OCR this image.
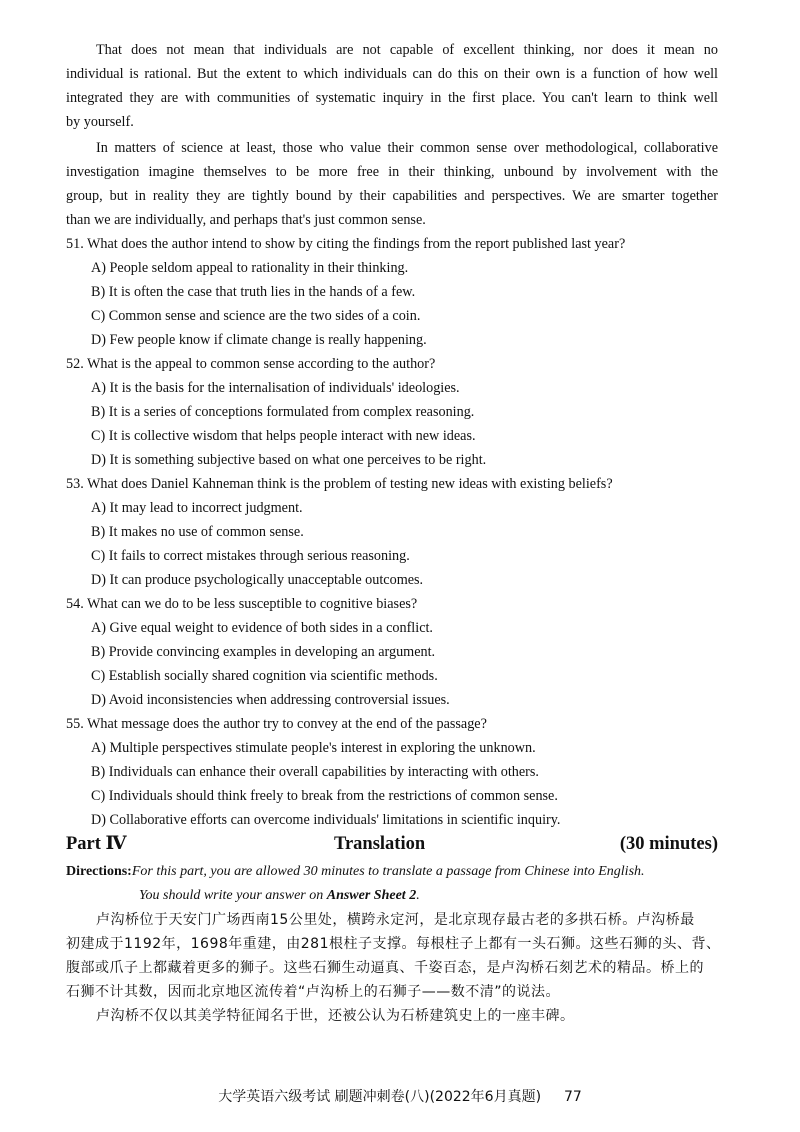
That does not mean that individuals are not capable of excellent thinking, nor does it mean no
individual is rational. But the extent to which individuals can do this on their own is a function of how well
integrated they are with communities of systematic inquiry in the first place. You can't learn to think well
by yourself.
In matters of science at least, those who value their common sense over methodological, collaborative
investigation imagine themselves to be more free in their thinking, unbound by involvement with the
group, but in reality they are tightly bound by their capabilities and perspectives. We are smarter together
than we are individually, and perhaps that's just common sense.
51. What does the author intend to show by citing the findings from the report published last year?
A) People seldom appeal to rationality in their thinking.
B) It is often the case that truth lies in the hands of a few.
C) Common sense and science are the two sides of a coin.
D) Few people know if climate change is really happening.
52. What is the appeal to common sense according to the author?
A) It is the basis for the internalisation of individuals' ideologies.
B) It is a series of conceptions formulated from complex reasoning.
C) It is collective wisdom that helps people interact with new ideas.
D) It is something subjective based on what one perceives to be right.
53. What does Daniel Kahneman think is the problem of testing new ideas with existing beliefs?
A) It may lead to incorrect judgment.
B) It makes no use of common sense.
C) It fails to correct mistakes through serious reasoning.
D) It can produce psychologically unacceptable outcomes.
54. What can we do to be less susceptible to cognitive biases?
A) Give equal weight to evidence of both sides in a conflict.
B) Provide convincing examples in developing an argument.
C) Establish socially shared cognition via scientific methods.
D) Avoid inconsistencies when addressing controversial issues.
55. What message does the author try to convey at the end of the passage?
A) Multiple perspectives stimulate people's interest in exploring the unknown.
B) Individuals can enhance their overall capabilities by interacting with others.
C) Individuals should think freely to break from the restrictions of common sense.
D) Collaborative efforts can overcome individuals' limitations in scientific inquiry.
Part Ⅳ	Translation	(30 minutes)
Directions:For this part, you are allowed 30 minutes to translate a passage from Chinese into English.
You should write your answer on Answer Sheet 2.
卢沟桥位于天安门广场西南15公里处，横跨永定河，是北京现存最古老的多拱石桥。卢沟桥最
初建成于1192年，1698年重建，由281根柱子支撑。每根柱子上都有一头石狮。这些石狮的头、背、
腹部或爪子上都藏着更多的狮子。这些石狮生动逼真、千姿百态，是卢沟桥石刻艺术的精品。桥上的
石狮不计其数，因而北京地区流传着“卢沟桥上的石狮子——数不清”的说法。
卢沟桥不仅以其美学特征闻名于世，还被公认为石桥建筑史上的一座丰碑。
大学英语六级考试 刷题冲刺卷(八)(2022年6月真题) 77
